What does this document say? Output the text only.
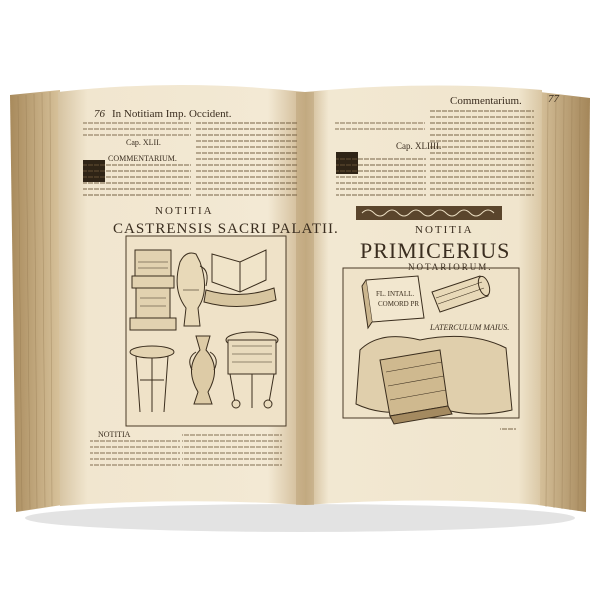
FL. INTALL.
COMORD PR
76 In Notitiam Imp. Occident.
Cap. XLII.
COMMENTARIUM.
NOTITIA
CASTRENSIS SACRI PALATII.
NOTITIA
Commentarium. 77
Cap. XLIIII.
NOTITIA
PRIMICERIUS
NOTARIORUM.
LATERCULUM MAIUS.
